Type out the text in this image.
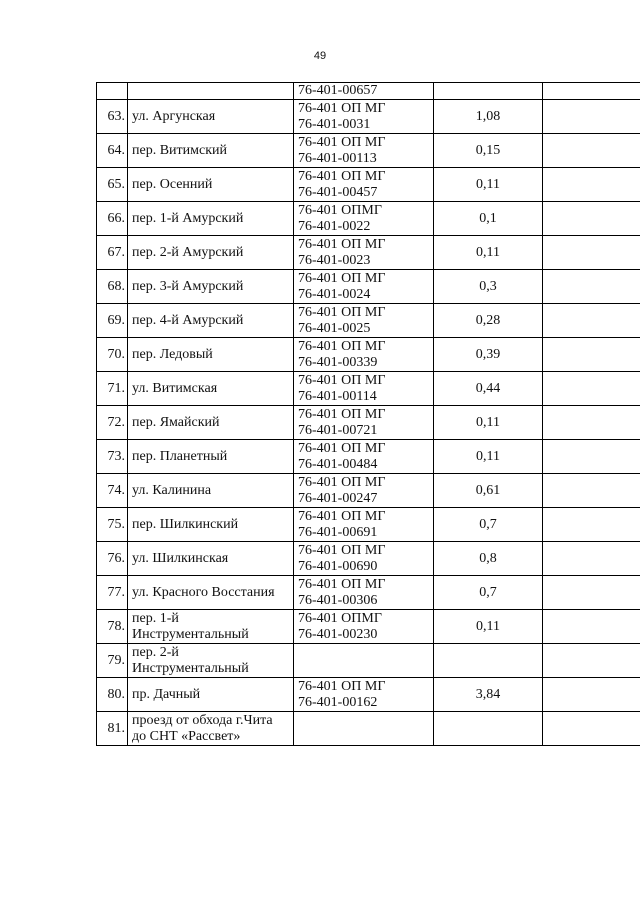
49

		76-401-00657		

63.	ул. Аргунская	76-401 ОП МГ
76-401-0031	1,08	
64.	пер. Витимский	76-401 ОП МГ
76-401-00113	0,15	
65.	пер. Осенний	76-401 ОП МГ
76-401-00457	0,11	
66.	пер. 1-й Амурский	76-401 ОПМГ
76-401-0022	0,1	
67.	пер. 2-й Амурский	76-401 ОП МГ
76-401-0023	0,11	
68.	пер. 3-й Амурский	76-401 ОП МГ
76-401-0024	0,3	
69.	пер. 4-й Амурский	76-401 ОП МГ
76-401-0025	0,28	
70.	пер. Ледовый	76-401 ОП МГ
76-401-00339	0,39	
71.	ул. Витимская	76-401 ОП МГ
76-401-00114	0,44	
72.	пер. Ямайский	76-401 ОП МГ
76-401-00721	0,11	
73.	пер. Планетный	76-401 ОП МГ
76-401-00484	0,11	
74.	ул. Калинина	76-401 ОП МГ
76-401-00247	0,61	
75.	пер. Шилкинский	76-401 ОП МГ
76-401-00691	0,7	
76.	ул. Шилкинская	76-401 ОП МГ
76-401-00690	0,8	
77.	ул. Красного Восстания	76-401 ОП МГ
76-401-00306	0,7	
78.	пер. 1-й
Инструментальный	76-401 ОПМГ
76-401-00230	0,11	
79.	пер. 2-й
Инструментальный			

80.	пр. Дачный	76-401 ОП МГ
76-401-00162	3,84	
81.	проезд от обхода г.Чита
до СНТ «Рассвет»			
